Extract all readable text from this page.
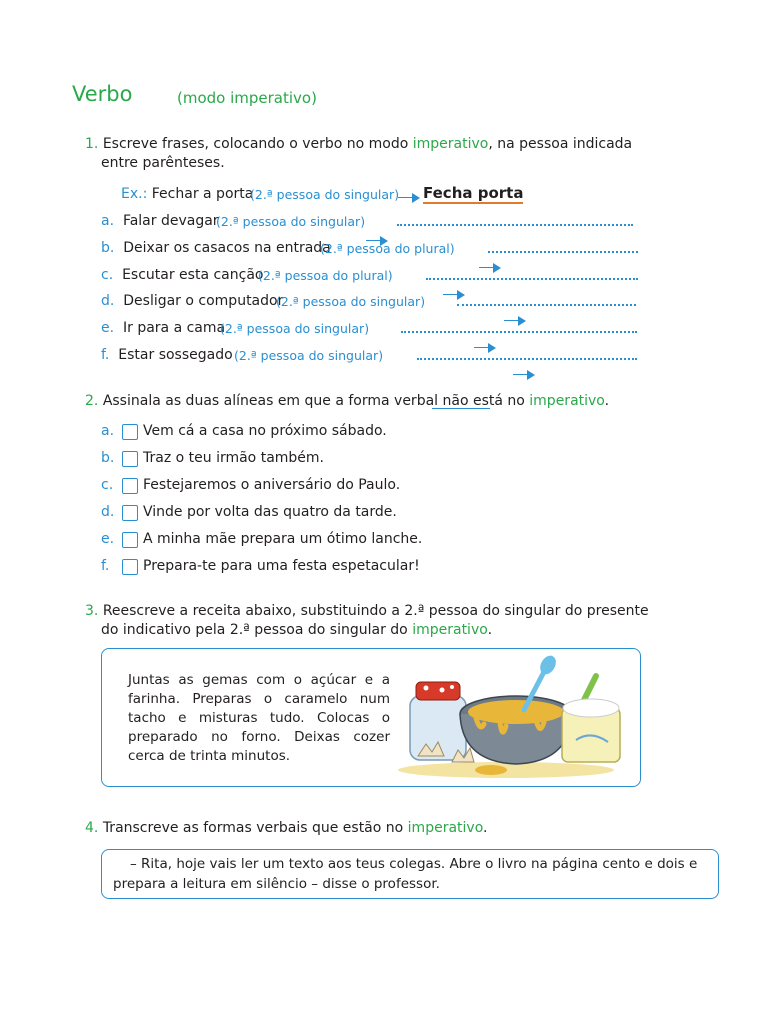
Verbo	(modo imperativo)
1. Escreve frases, colocando o verbo no modo imperativo, na pessoa indicada
entre parênteses.
Ex.: Fechar a porta
(2.ª pessoa do singular) Fecha porta
a. Falar devagar
(2.ª pessoa do singular)

b. Deixar os casacos na entrada
(2.ª pessoa do plural)

c. Escutar esta canção
(2.ª pessoa do plural)

d. Desligar o computador
(2.ª pessoa do singular)

e. Ir para a cama
(2.ª pessoa do singular)

f. Estar sossegado (2.ª pessoa do singular)
2. Assinala as duas alíneas em que a forma verbal não está no imperativo.
a. Vem cá a casa no próximo sábado.
b. Traz o teu irmão também.
c. Festejaremos o aniversário do Paulo.
d. Vinde por volta das quatro da tarde.
e. A minha mãe prepara um ótimo lanche.
f. Prepara-te para uma festa espetacular!
3. Reescreve a receita abaixo, substituindo a 2.ª pessoa do singular do presente
do indicativo pela 2.ª pessoa do singular do imperativo.
Juntas as gemas com o açúcar e a farinha. Preparas o caramelo num tacho e misturas tudo. Colocas o preparado no forno. Deixas cozer cerca de trinta minutos.
4. Transcreve as formas verbais que estão no imperativo.
– Rita, hoje vais ler um texto aos teus colegas. Abre o livro na página cento e dois e prepara a leitura em silêncio – disse o professor.
